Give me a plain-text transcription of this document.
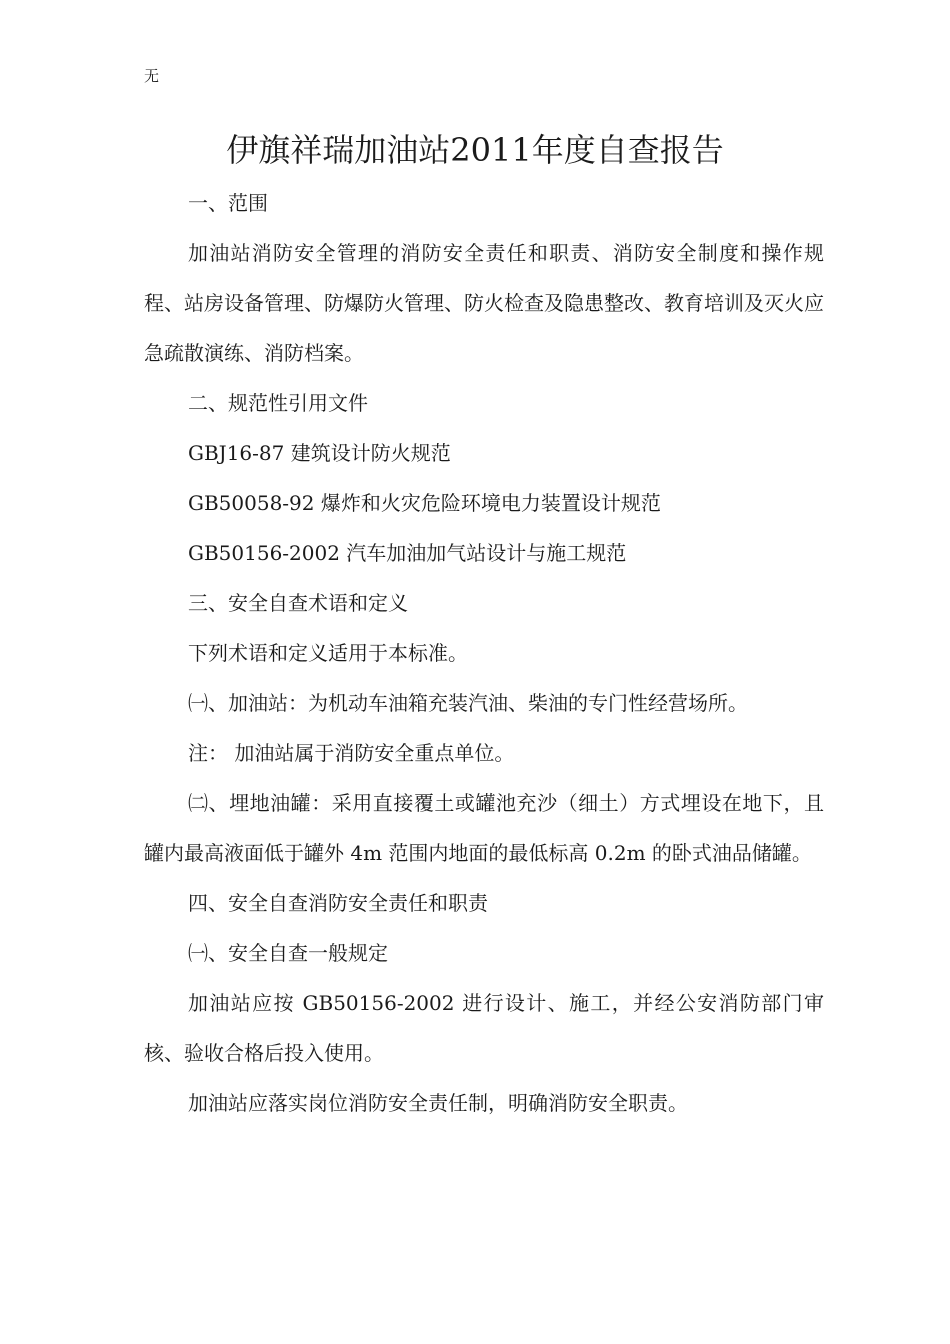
无
伊旗祥瑞加油站2011年度自查报告

一、范围

加油站消防安全管理的消防安全责任和职责、消防安全制度和操作规程、站房设备管理、防爆防火管理、防火检查及隐患整改、教育培训及灭火应急疏散演练、消防档案。

二、规范性引用文件

GBJ16-87 建筑设计防火规范

GB50058-92 爆炸和火灾危险环境电力装置设计规范

GB50156-2002 汽车加油加气站设计与施工规范

三、安全自查术语和定义

下列术语和定义适用于本标准。

㈠、加油站：为机动车油箱充装汽油、柴油的专门性经营场所。

注： 加油站属于消防安全重点单位。

㈡、埋地油罐：采用直接覆土或罐池充沙（细土）方式埋设在地下，且罐内最高液面低于罐外 4m 范围内地面的最低标高 0.2m 的卧式油品储罐。

四、安全自查消防安全责任和职责

㈠、安全自查一般规定

加油站应按 GB50156-2002 进行设计、施工，并经公安消防部门审核、验收合格后投入使用。

加油站应落实岗位消防安全责任制，明确消防安全职责。
